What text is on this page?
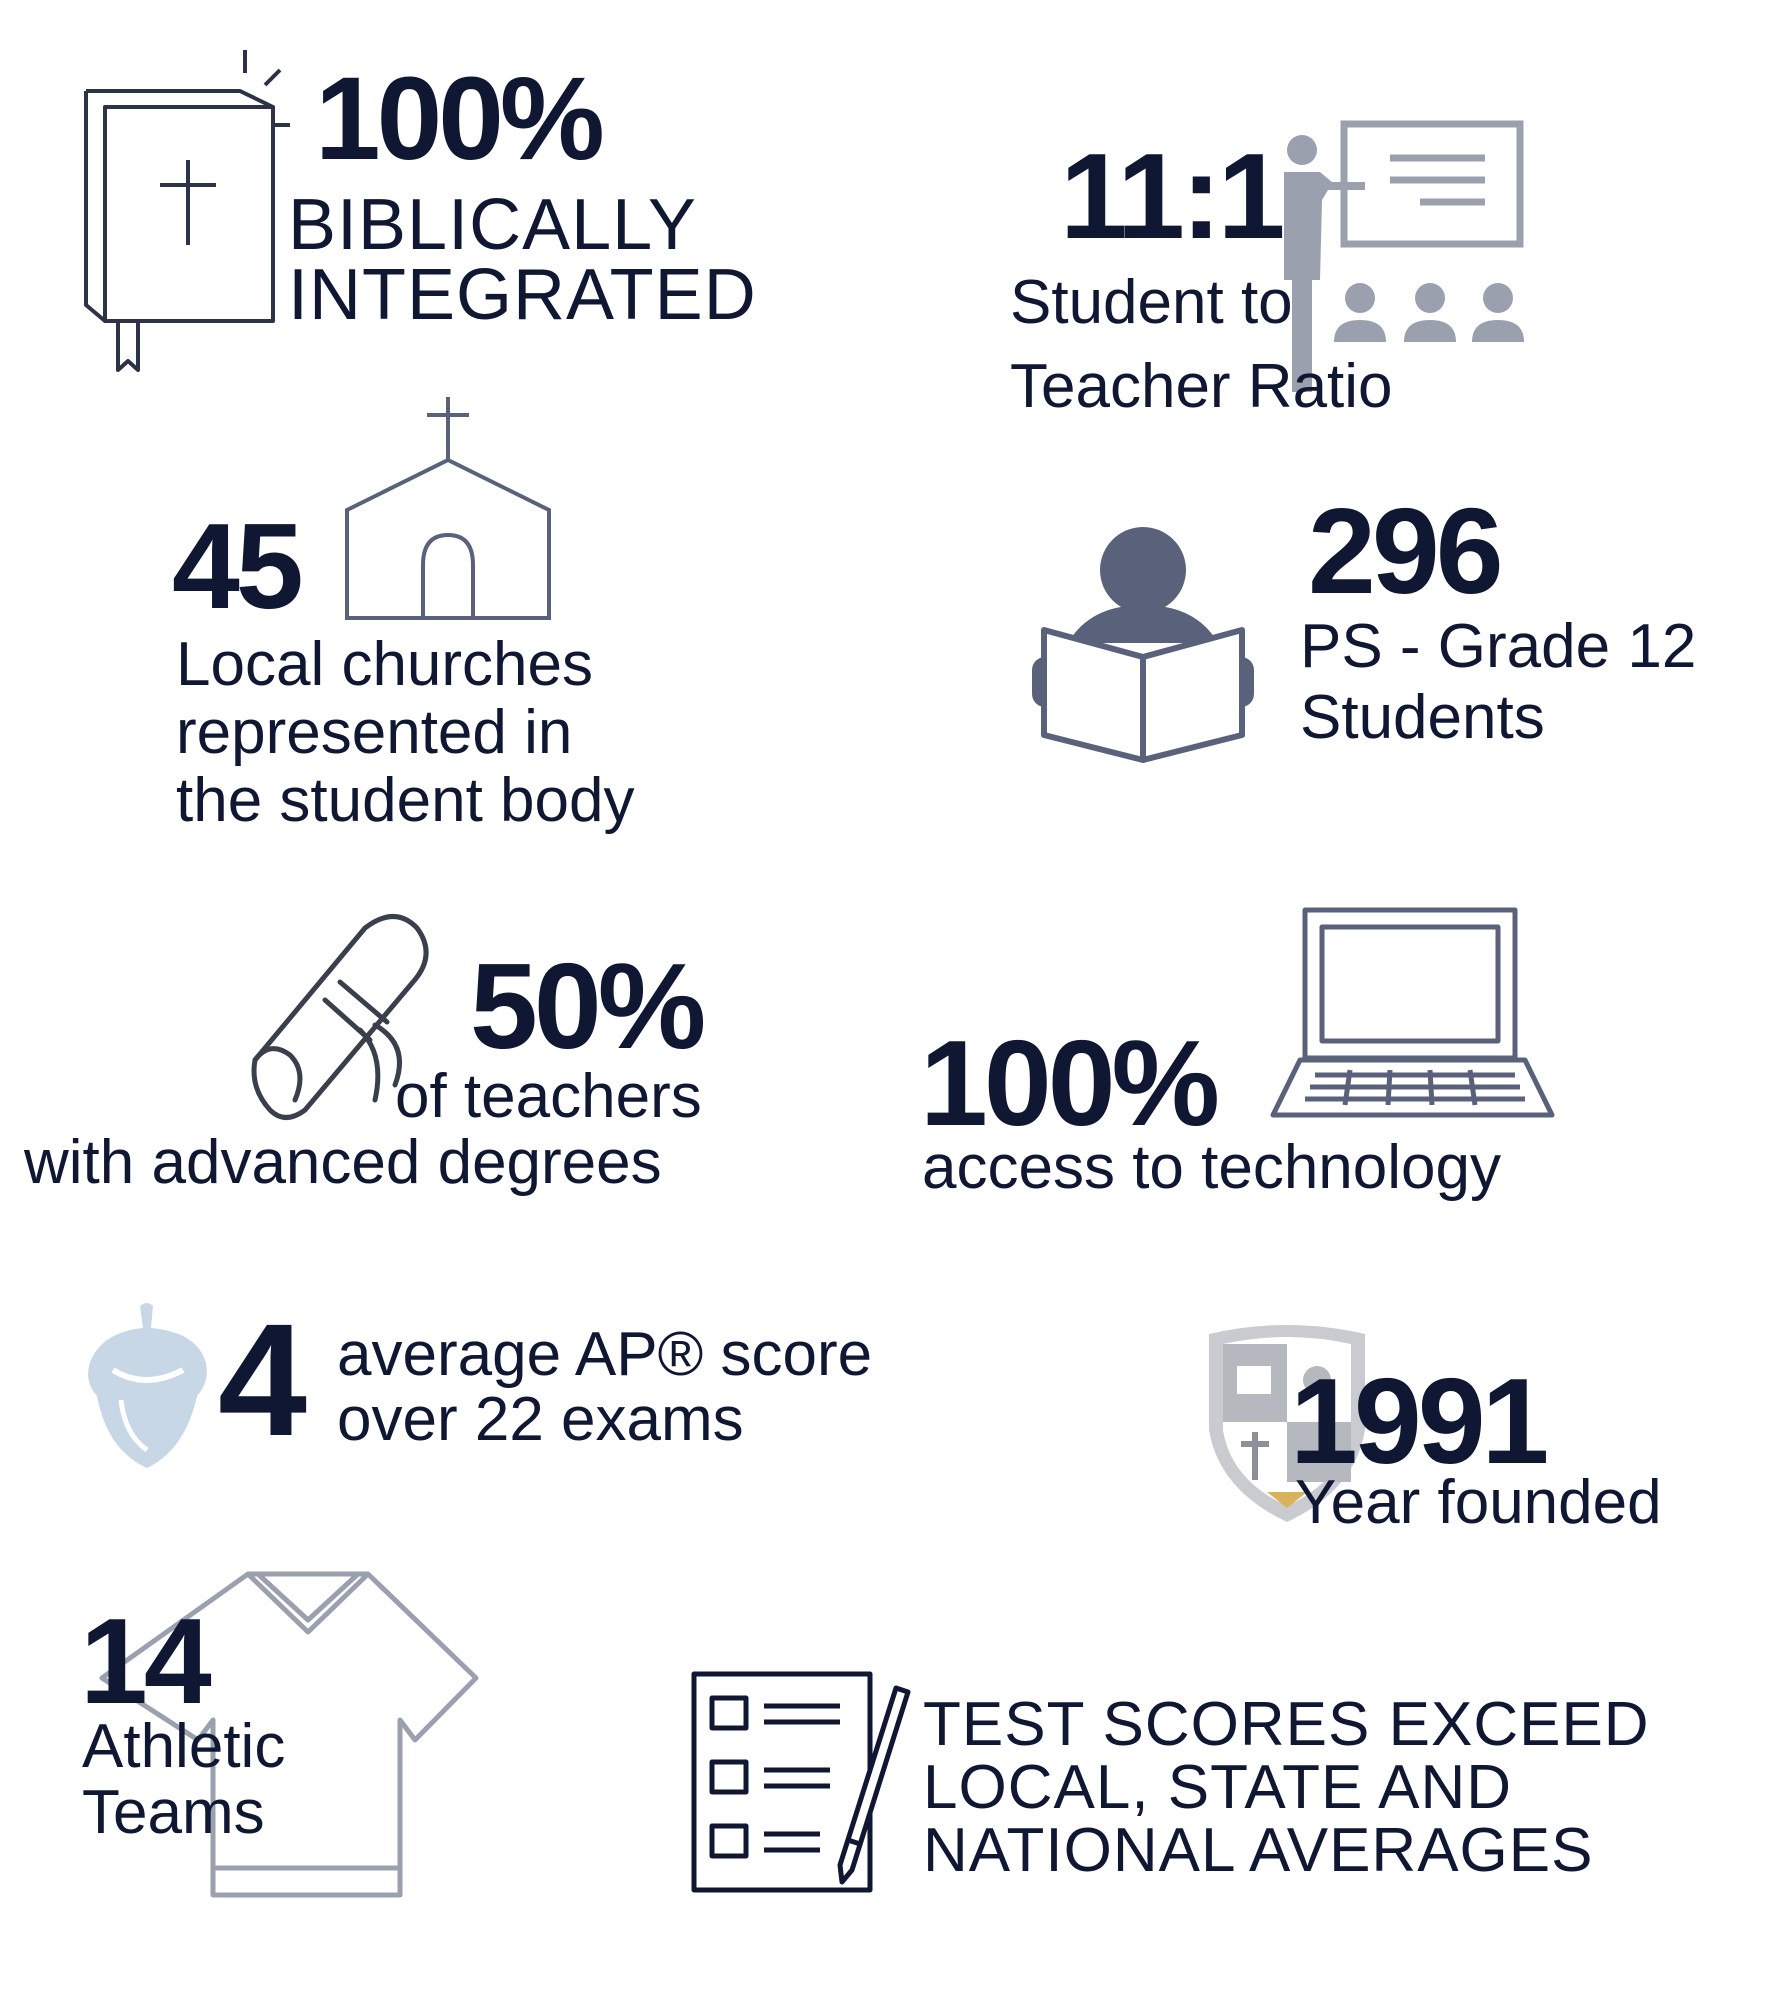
100%
BIBLICALLY
INTEGRATED
11:1
Student to
Teacher Ratio
45
Local churches
represented in
the student body
296
PS - Grade 12
Students
50%
of teachers
with advanced degrees
100%
access to technology
4 average AP® score
over 22 exams	1991
Year founded
14
Athletic
Teams
TEST SCORES EXCEED
LOCAL, STATE AND
NATIONAL AVERAGES
